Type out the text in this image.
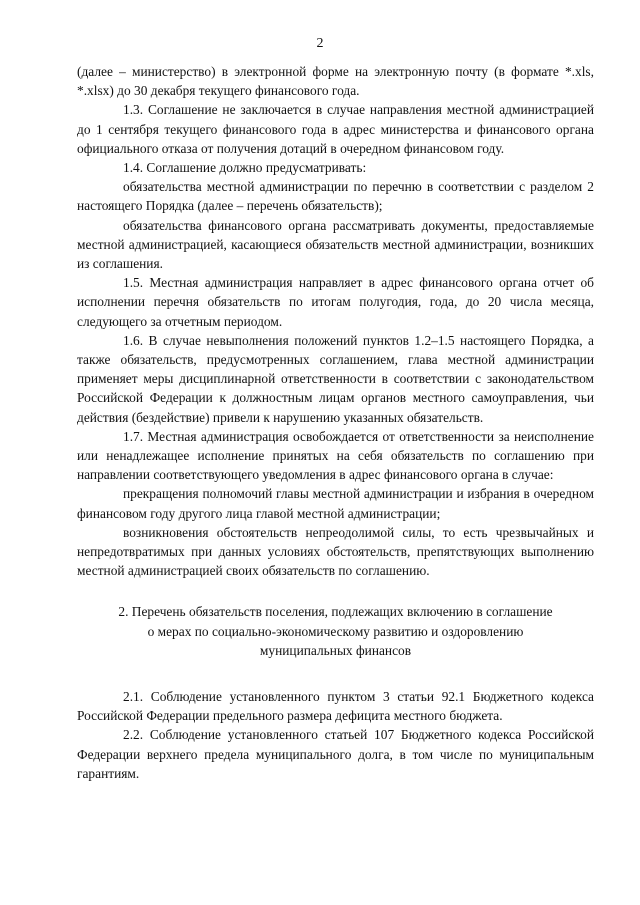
2

(далее – министерство) в электронной форме на электронную почту (в формате *.xls, *.xlsx) до 30 декабря текущего финансового года.

1.3. Соглашение не заключается в случае направления местной администрацией до 1 сентября текущего финансового года в адрес министерства и финансового органа официального отказа от получения дотаций в очередном финансовом году.

1.4. Соглашение должно предусматривать:

обязательства местной администрации по перечню в соответствии с разделом 2 настоящего Порядка (далее – перечень обязательств);

обязательства финансового органа рассматривать документы, предоставляемые местной администрацией, касающиеся обязательств местной администрации, возникших из соглашения.

1.5. Местная администрация направляет в адрес финансового органа отчет об исполнении перечня обязательств по итогам полугодия, года, до 20 числа месяца, следующего за отчетным периодом.

1.6. В случае невыполнения положений пунктов 1.2–1.5 настоящего Порядка, а также обязательств, предусмотренных соглашением, глава местной администрации применяет меры дисциплинарной ответственности в соответствии с законодательством Российской Федерации к должностным лицам органов местного самоуправления, чьи действия (бездействие) привели к нарушению указанных обязательств.

1.7. Местная администрация освобождается от ответственности за неисполнение или ненадлежащее исполнение принятых на себя обязательств по соглашению при направлении соответствующего уведомления в адрес финансового органа в случае:

прекращения полномочий главы местной администрации и избрания в очередном финансовом году другого лица главой местной администрации;

возникновения обстоятельств непреодолимой силы, то есть чрезвычайных и непредотвратимых при данных условиях обстоятельств, препятствующих выполнению местной администрацией своих обязательств по соглашению.

2. Перечень обязательств поселения, подлежащих включению в соглашение
о мерах по социально-экономическому развитию и оздоровлению
муниципальных финансов

2.1. Соблюдение установленного пунктом 3 статьи 92.1 Бюджетного кодекса Российской Федерации предельного размера дефицита местного бюджета.

2.2. Соблюдение установленного статьей 107 Бюджетного кодекса Российской Федерации верхнего предела муниципального долга, в том числе по муниципальным гарантиям.
